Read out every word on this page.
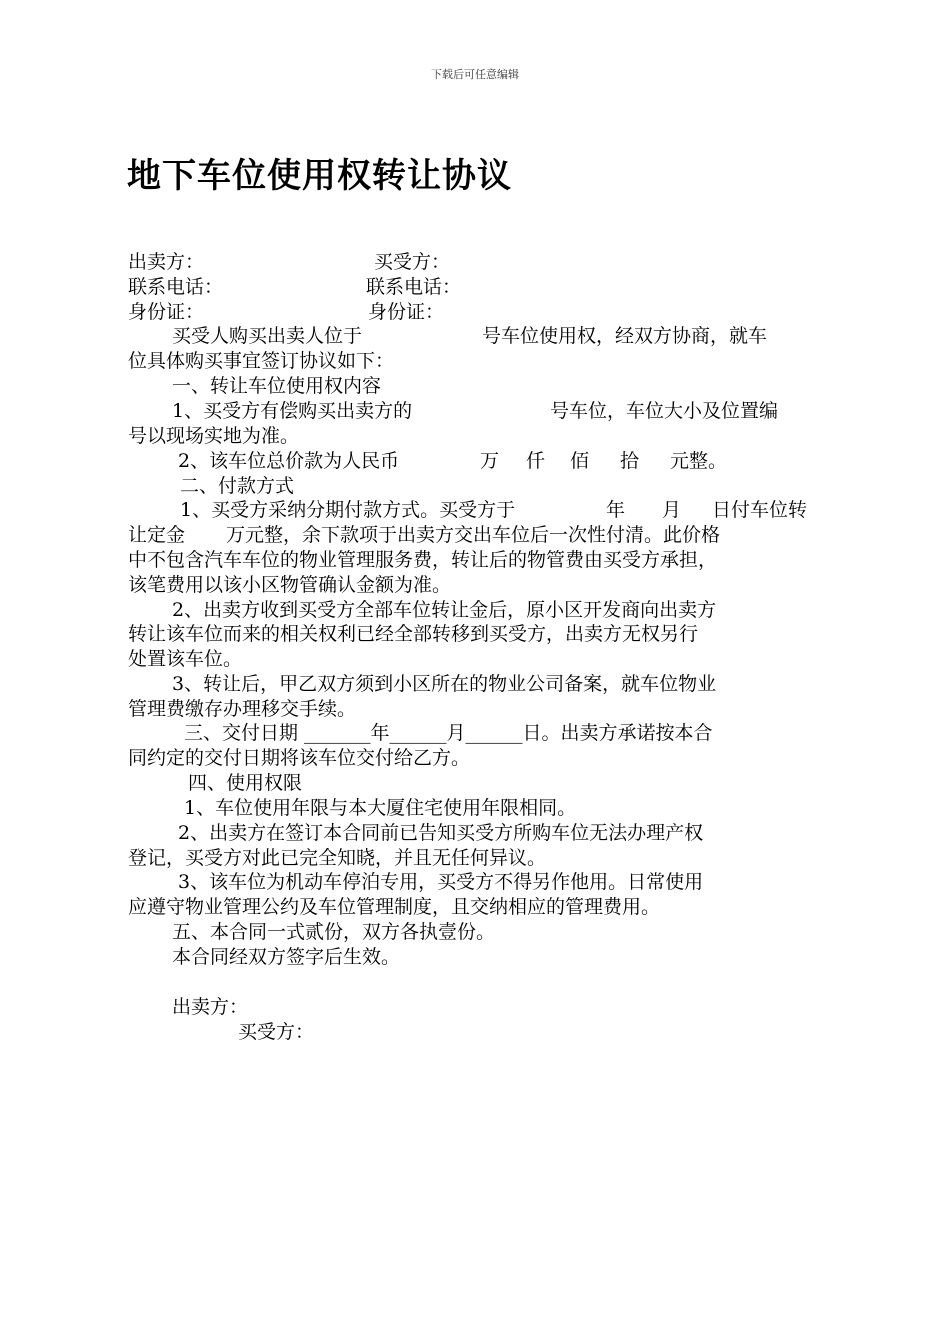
下载后可任意编辑
地下车位使用权转让协议
出卖方：	买受方：
联系电话：	联系电话：
身份证：	身份证：
买受人购买出卖人位于	号车位使用权，经双方协商，就车
位具体购买事宜签订协议如下：
一、转让车位使用权内容
1、买受方有偿购买出卖方的	号车位，车位大小及位置编
号以现场实地为准。
2、该车位总价款为人民币	万 仟 佰 拾 元整。
二、付款方式
1、买受方采纳分期付款方式。买受方于	年 月 日付车位转
让定金 万元整，余下款项于出卖方交出车位后一次性付清。此价格
中不包含汽车车位的物业管理服务费，转让后的物管费由买受方承担，
该笔费用以该小区物管确认金额为准。
2、出卖方收到买受方全部车位转让金后，原小区开发商向出卖方
转让该车位而来的相关权利已经全部转移到买受方，出卖方无权另行
处置该车位。
3、转让后，甲乙双方须到小区所在的物业公司备案，就车位物业
管理费缴存办理移交手续。
三、交付日期 _______年______月______日。出卖方承诺按本合
同约定的交付日期将该车位交付给乙方。
四、使用权限
1、车位使用年限与本大厦住宅使用年限相同。
2、出卖方在签订本合同前已告知买受方所购车位无法办理产权
登记，买受方对此已完全知晓，并且无任何异议。
3、该车位为机动车停泊专用，买受方不得另作他用。日常使用
应遵守物业管理公约及车位管理制度，且交纳相应的管理费用。
五、本合同一式贰份，双方各执壹份。
本合同经双方签字后生效。
出卖方：
买受方：
